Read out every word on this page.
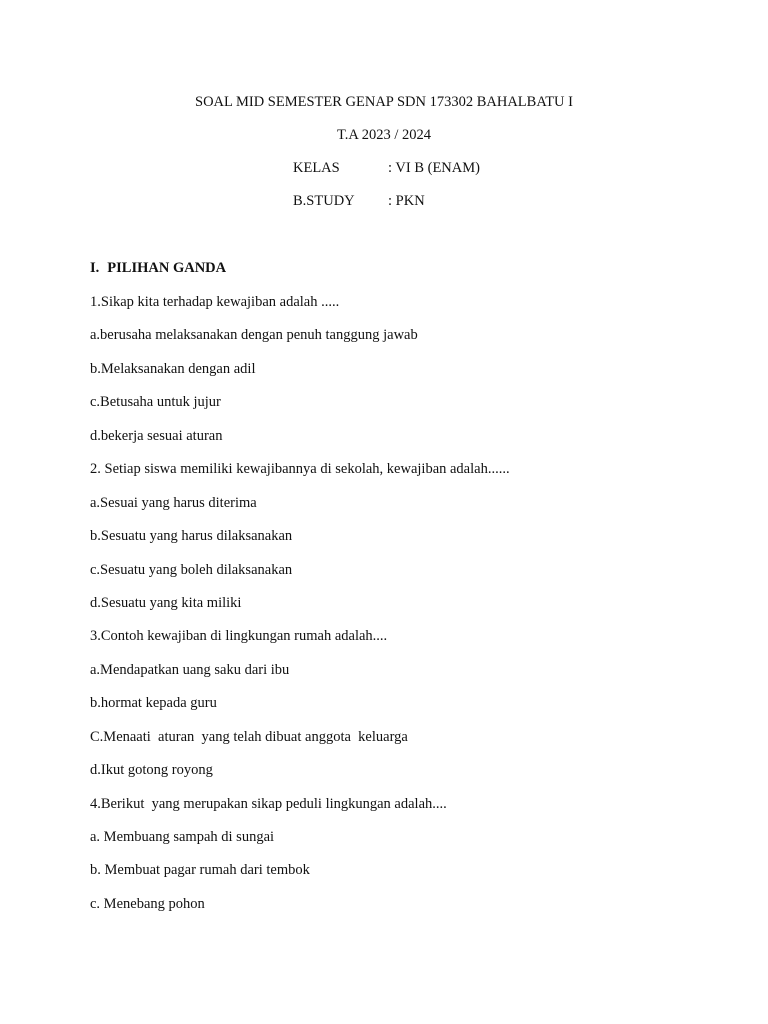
SOAL MID SEMESTER GENAP SDN 173302 BAHALBATU I
T.A 2023 / 2024
KELAS	: VI B (ENAM)
B.STUDY : PKN
I. PILIHAN GANDA
1.Sikap kita terhadap kewajiban adalah .....
a.berusaha melaksanakan dengan penuh tanggung jawab
b.Melaksanakan dengan adil
c.Betusaha untuk jujur
d.bekerja sesuai aturan
2. Setiap siswa memiliki kewajibannya di sekolah, kewajiban adalah......
a.Sesuai yang harus diterima
b.Sesuatu yang harus dilaksanakan
c.Sesuatu yang boleh dilaksanakan
d.Sesuatu yang kita miliki
3.Contoh kewajiban di lingkungan rumah adalah....
a.Mendapatkan uang saku dari ibu
b.hormat kepada guru
C.Menaati  aturan  yang telah dibuat anggota  keluarga
d.Ikut gotong royong
4.Berikut  yang merupakan sikap peduli lingkungan adalah....
a. Membuang sampah di sungai
b. Membuat pagar rumah dari tembok
c. Menebang pohon
